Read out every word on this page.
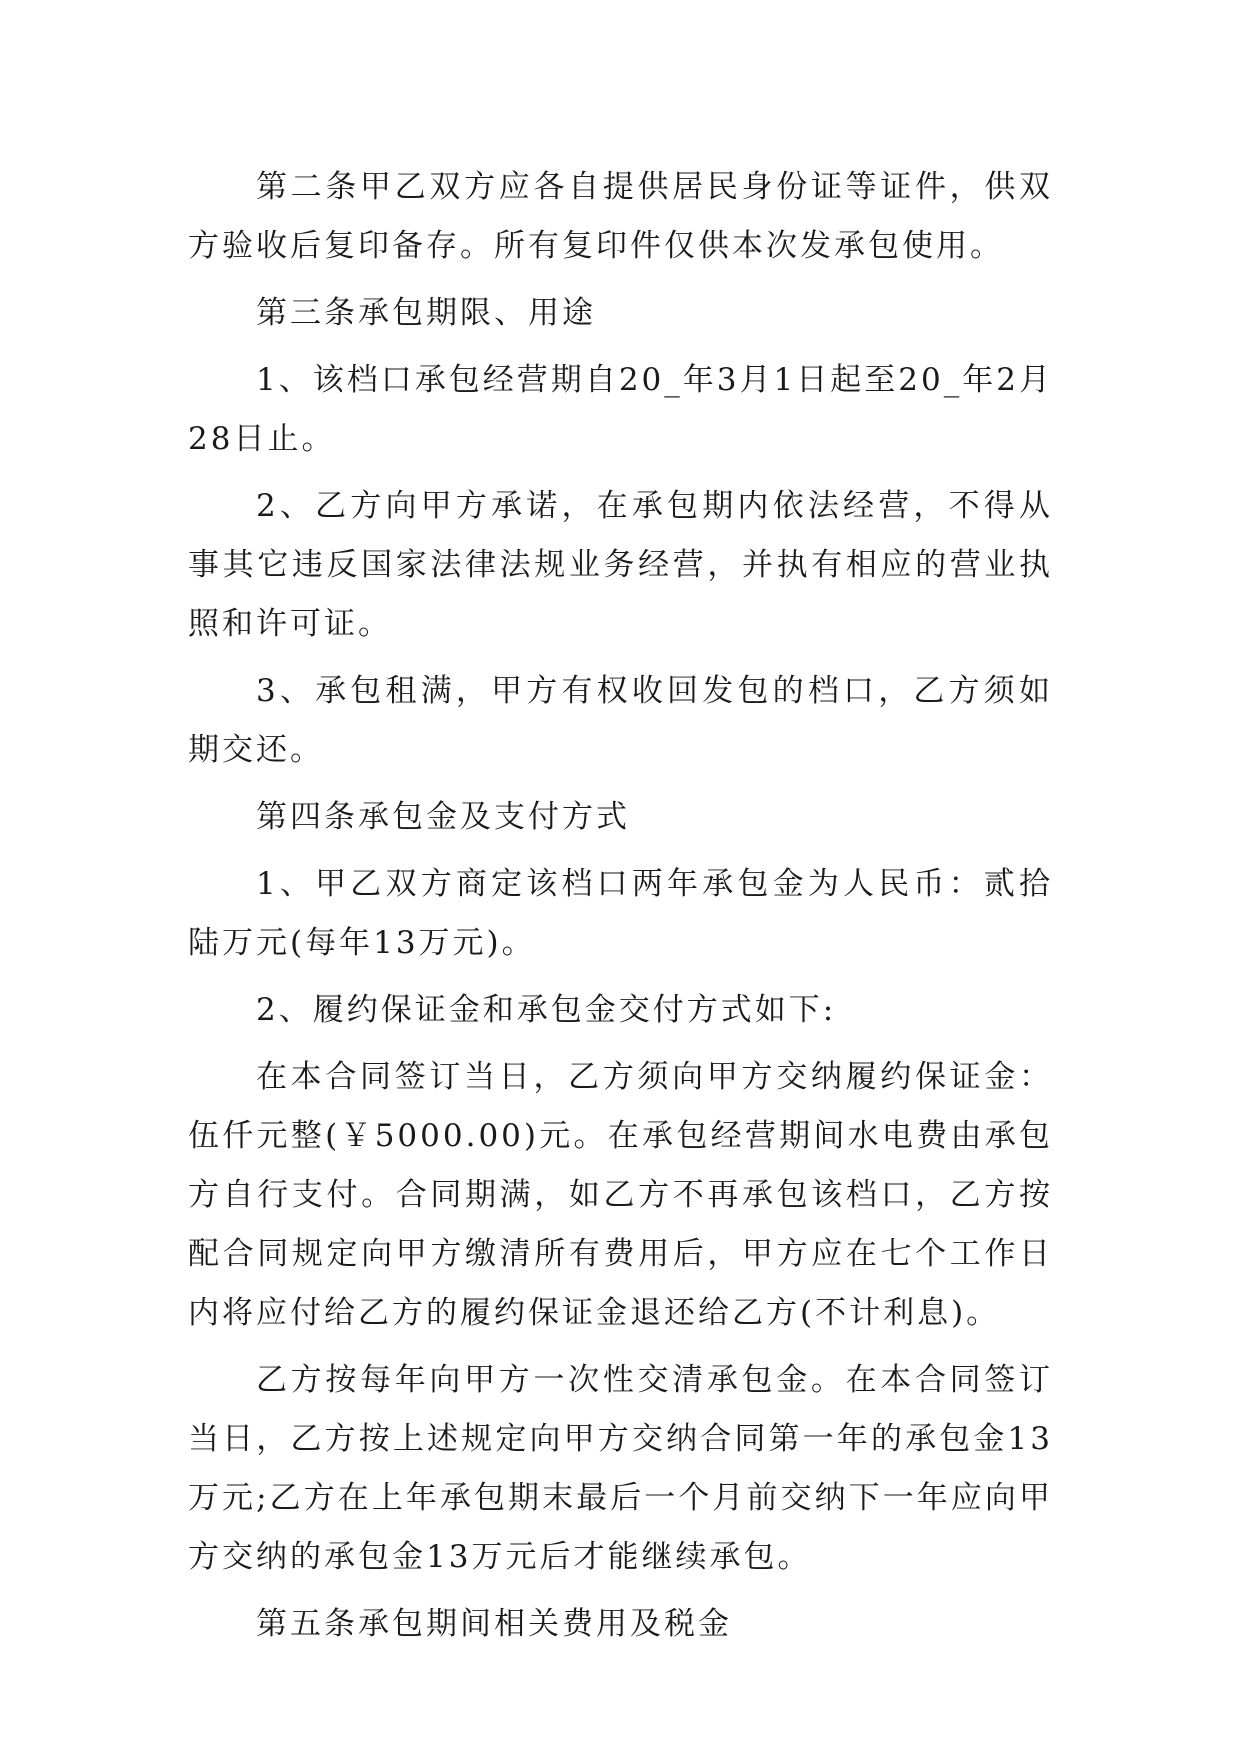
第二条甲乙双方应各自提供居民身份证等证件，供双方验收后复印备存。所有复印件仅供本次发承包使用。

第三条承包期限、用途

1、该档口承包经营期自20_年3月1日起至20_年2月28日止。

2、乙方向甲方承诺，在承包期内依法经营，不得从事其它违反国家法律法规业务经营，并执有相应的营业执照和许可证。

3、承包租满，甲方有权收回发包的档口，乙方须如期交还。

第四条承包金及支付方式

1、甲乙双方商定该档口两年承包金为人民币：贰拾陆万元(每年13万元)。

2、履约保证金和承包金交付方式如下:

在本合同签订当日，乙方须向甲方交纳履约保证金：伍仟元整(￥5000.00)元。在承包经营期间水电费由承包方自行支付。合同期满，如乙方不再承包该档口，乙方按配合同规定向甲方缴清所有费用后，甲方应在七个工作日内将应付给乙方的履约保证金退还给乙方(不计利息)。

乙方按每年向甲方一次性交清承包金。在本合同签订当日，乙方按上述规定向甲方交纳合同第一年的承包金13万元;乙方在上年承包期末最后一个月前交纳下一年应向甲方交纳的承包金13万元后才能继续承包。

第五条承包期间相关费用及税金
